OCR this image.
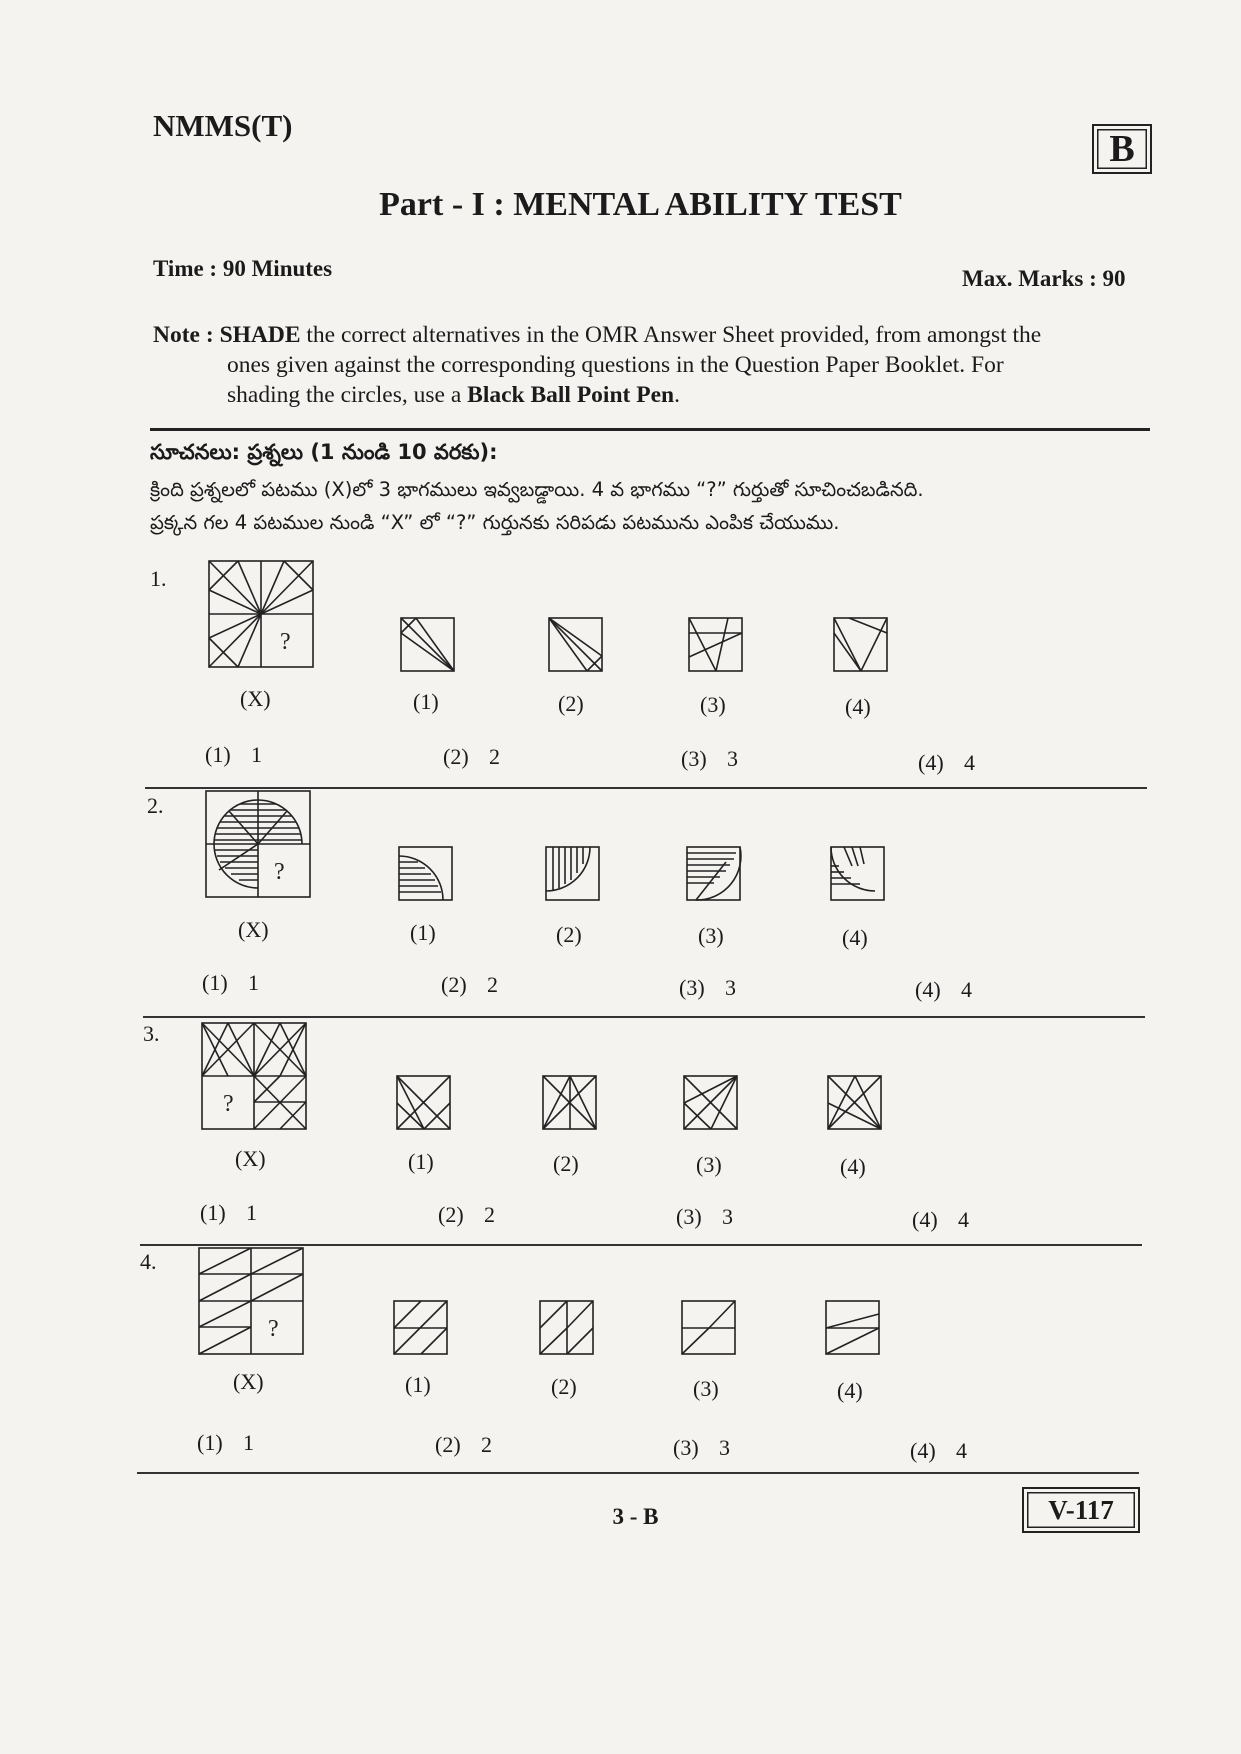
NMMS(T)
B
Part - I : MENTAL ABILITY TEST
Time : 90 Minutes	Max. Marks : 90
Note : SHADE the correct alternatives in the OMR Answer Sheet provided, from amongst the
ones given against the corresponding questions in the Question Paper Booklet. For
shading the circles, use a Black Ball Point Pen.
సూచనలు: ప్రశ్నలు (1 నుండి 10 వరకు):
క్రింది ప్రశ్నలలో పటము (X)లో 3 భాగములు ఇవ్వబడ్డాయి. 4 వ భాగము “?” గుర్తుతో సూచించబడినది.
ప్రక్కన గల 4 పటముల నుండి “X” లో “?” గుర్తునకు సరిపడు పటమును ఎంపిక చేయుము.
1.
?
(X)	(1)	(2)	(3)	(4)
(1) 1	(2) 2	(3) 3	(4) 4
2.
?
(X)	(1)	(2)	(3)	(4)
(1) 1	(2) 2	(3) 3	(4) 4
3.
?
(X)	(1)	(2)	(3)	(4)
(1) 1	(2) 2	(3) 3	(4) 4
4.
?
(X)	(1)	(2)	(3)	(4)
(1) 1	(2) 2	(3) 3	(4) 4
3 - B	V-117
